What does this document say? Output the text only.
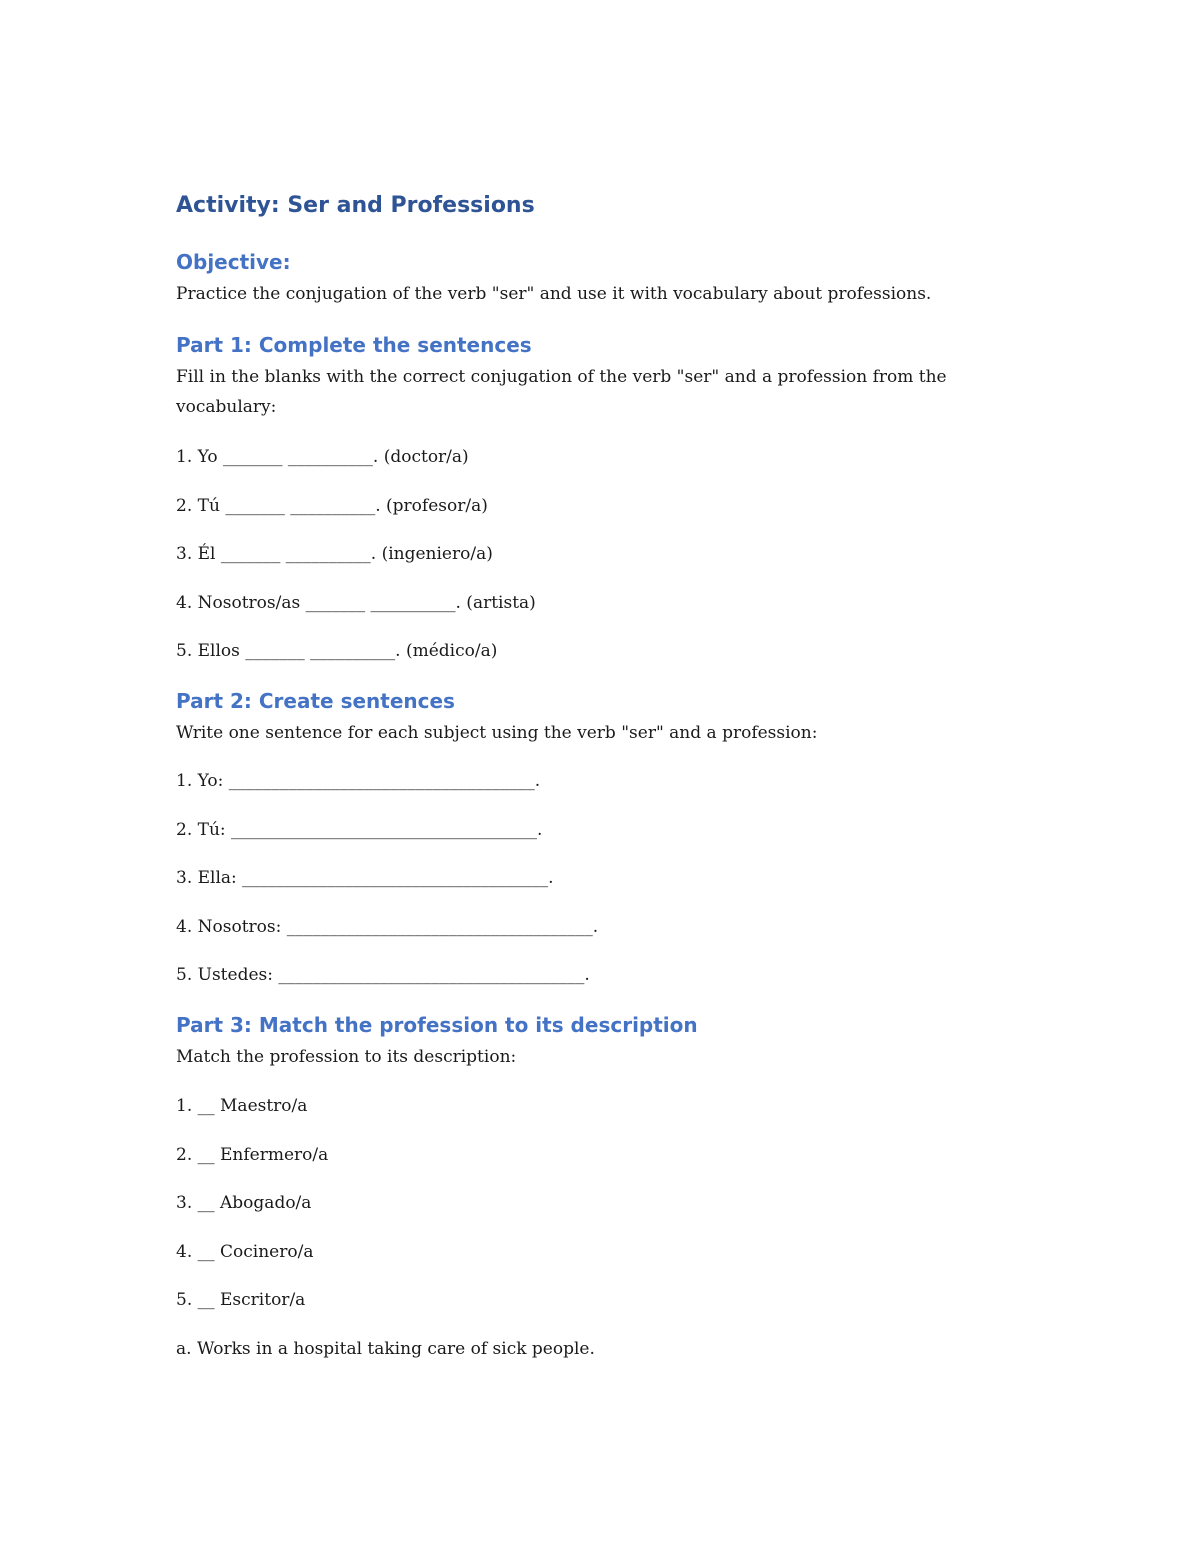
Activity: Ser and Professions
Objective:

Practice the conjugation of the verb "ser" and use it with vocabulary about professions.

Part 1: Complete the sentences

Fill in the blanks with the correct conjugation of the verb "ser" and a profession from the vocabulary:

1. Yo _______ __________. (doctor/a)

2. Tú _______ __________. (profesor/a)

3. Él _______ __________. (ingeniero/a)

4. Nosotros/as _______ __________. (artista)

5. Ellos _______ __________. (médico/a)

Part 2: Create sentences

Write one sentence for each subject using the verb "ser" and a profession:

1. Yo: ____________________________________.

2. Tú: ____________________________________.

3. Ella: ____________________________________.

4. Nosotros: ____________________________________.

5. Ustedes: ____________________________________.

Part 3: Match the profession to its description

Match the profession to its description:

1. __ Maestro/a

2. __ Enfermero/a

3. __ Abogado/a

4. __ Cocinero/a

5. __ Escritor/a

a. Works in a hospital taking care of sick people.
